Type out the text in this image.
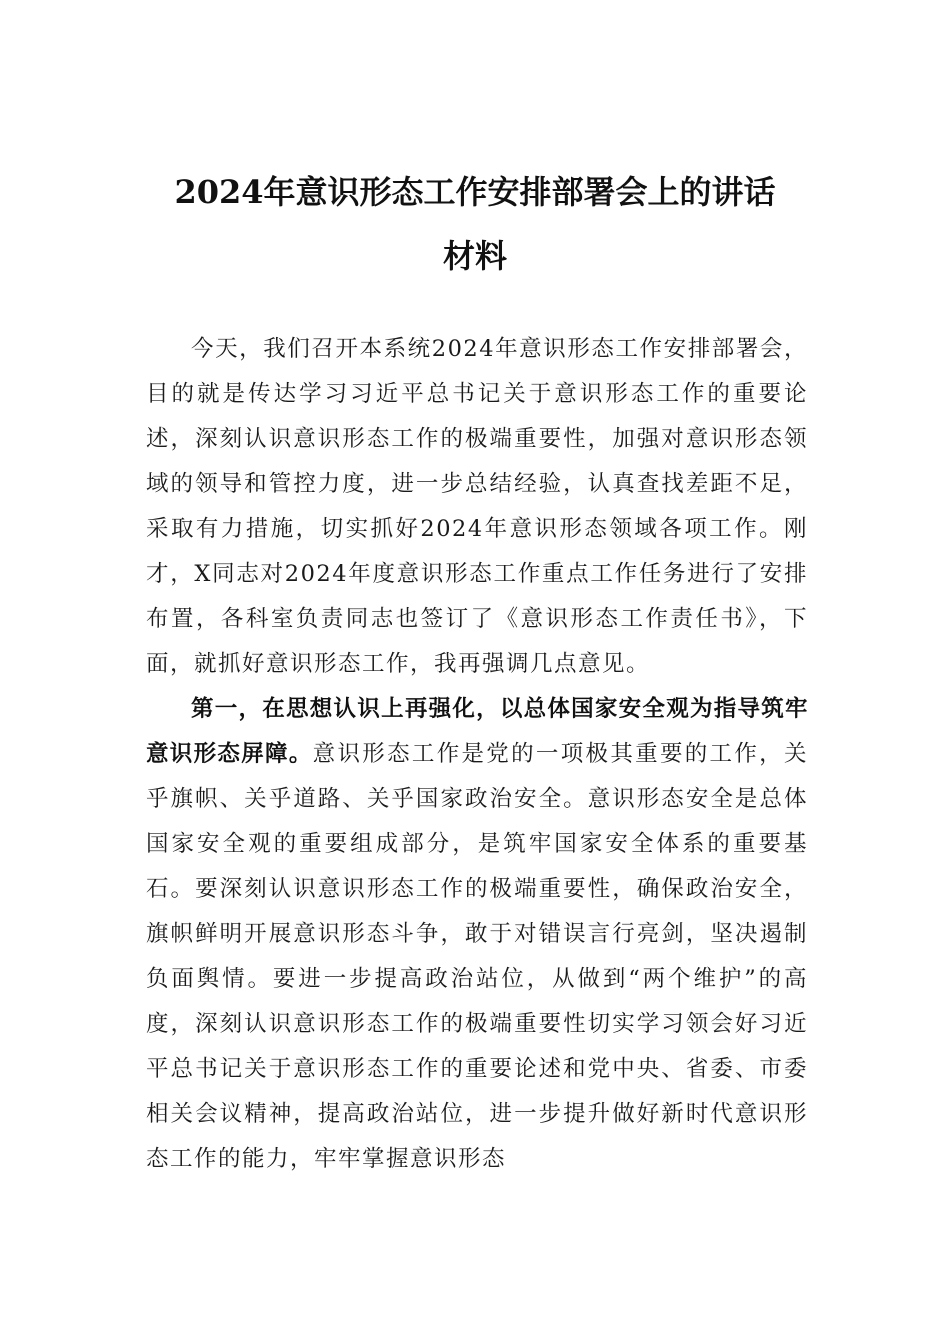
2024年意识形态工作安排部署会上的讲话
材料

今天，我们召开本系统2024年意识形态工作安排部署会，目的就是传达学习习近平总书记关于意识形态工作的重要论述，深刻认识意识形态工作的极端重要性，加强对意识形态领域的领导和管控力度，进一步总结经验，认真查找差距不足，采取有力措施，切实抓好2024年意识形态领域各项工作。刚才，X同志对2024年度意识形态工作重点工作任务进行了安排布置，各科室负责同志也签订了《意识形态工作责任书》，下面，就抓好意识形态工作，我再强调几点意见。

第一，在思想认识上再强化，以总体国家安全观为指导筑牢意识形态屏障。意识形态工作是党的一项极其重要的工作，关乎旗帜、关乎道路、关乎国家政治安全。意识形态安全是总体国家安全观的重要组成部分，是筑牢国家安全体系的重要基石。要深刻认识意识形态工作的极端重要性，确保政治安全，旗帜鲜明开展意识形态斗争，敢于对错误言行亮剑，坚决遏制负面舆情。要进一步提高政治站位，从做到“两个维护”的高度，深刻认识意识形态工作的极端重要性切实学习领会好习近平总书记关于意识形态工作的重要论述和党中央、省委、市委相关会议精神，提高政治站位，进一步提升做好新时代意识形态工作的能力，牢牢掌握意识形态
